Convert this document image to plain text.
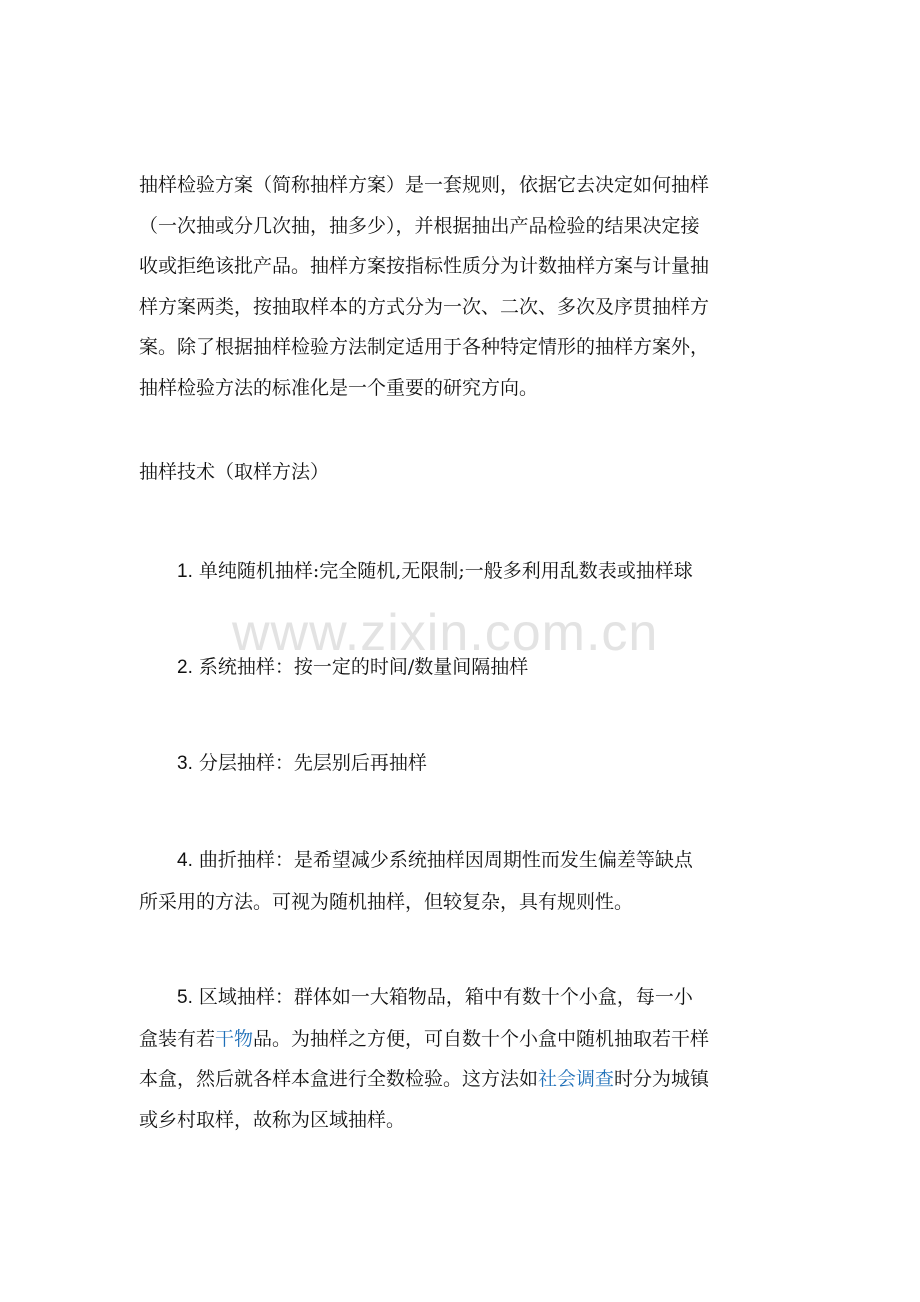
www.zixin.com.cn

抽样检验方案（简称抽样方案）是一套规则，依据它去决定如何抽样
（一次抽或分几次抽，抽多少），并根据抽出产品检验的结果决定接
收或拒绝该批产品。抽样方案按指标性质分为计数抽样方案与计量抽
样方案两类，按抽取样本的方式分为一次、二次、多次及序贯抽样方
案。除了根据抽样检验方法制定适用于各种特定情形的抽样方案外，
抽样检验方法的标准化是一个重要的研究方向。

抽样技术（取样方法）

1. 单纯随机抽样:完全随机,无限制;一般多利用乱数表或抽样球

2. 系统抽样：按一定的时间/数量间隔抽样

3. 分层抽样：先层别后再抽样

4. 曲折抽样：是希望减少系统抽样因周期性而发生偏差等缺点

所采用的方法。可视为随机抽样，但较复杂，具有规则性。

5. 区域抽样：群体如一大箱物品，箱中有数十个小盒，每一小

盒装有若干物品。为抽样之方便，可自数十个小盒中随机抽取若干样

本盒，然后就各样本盒进行全数检验。这方法如社会调查时分为城镇

或乡村取样，故称为区域抽样。
